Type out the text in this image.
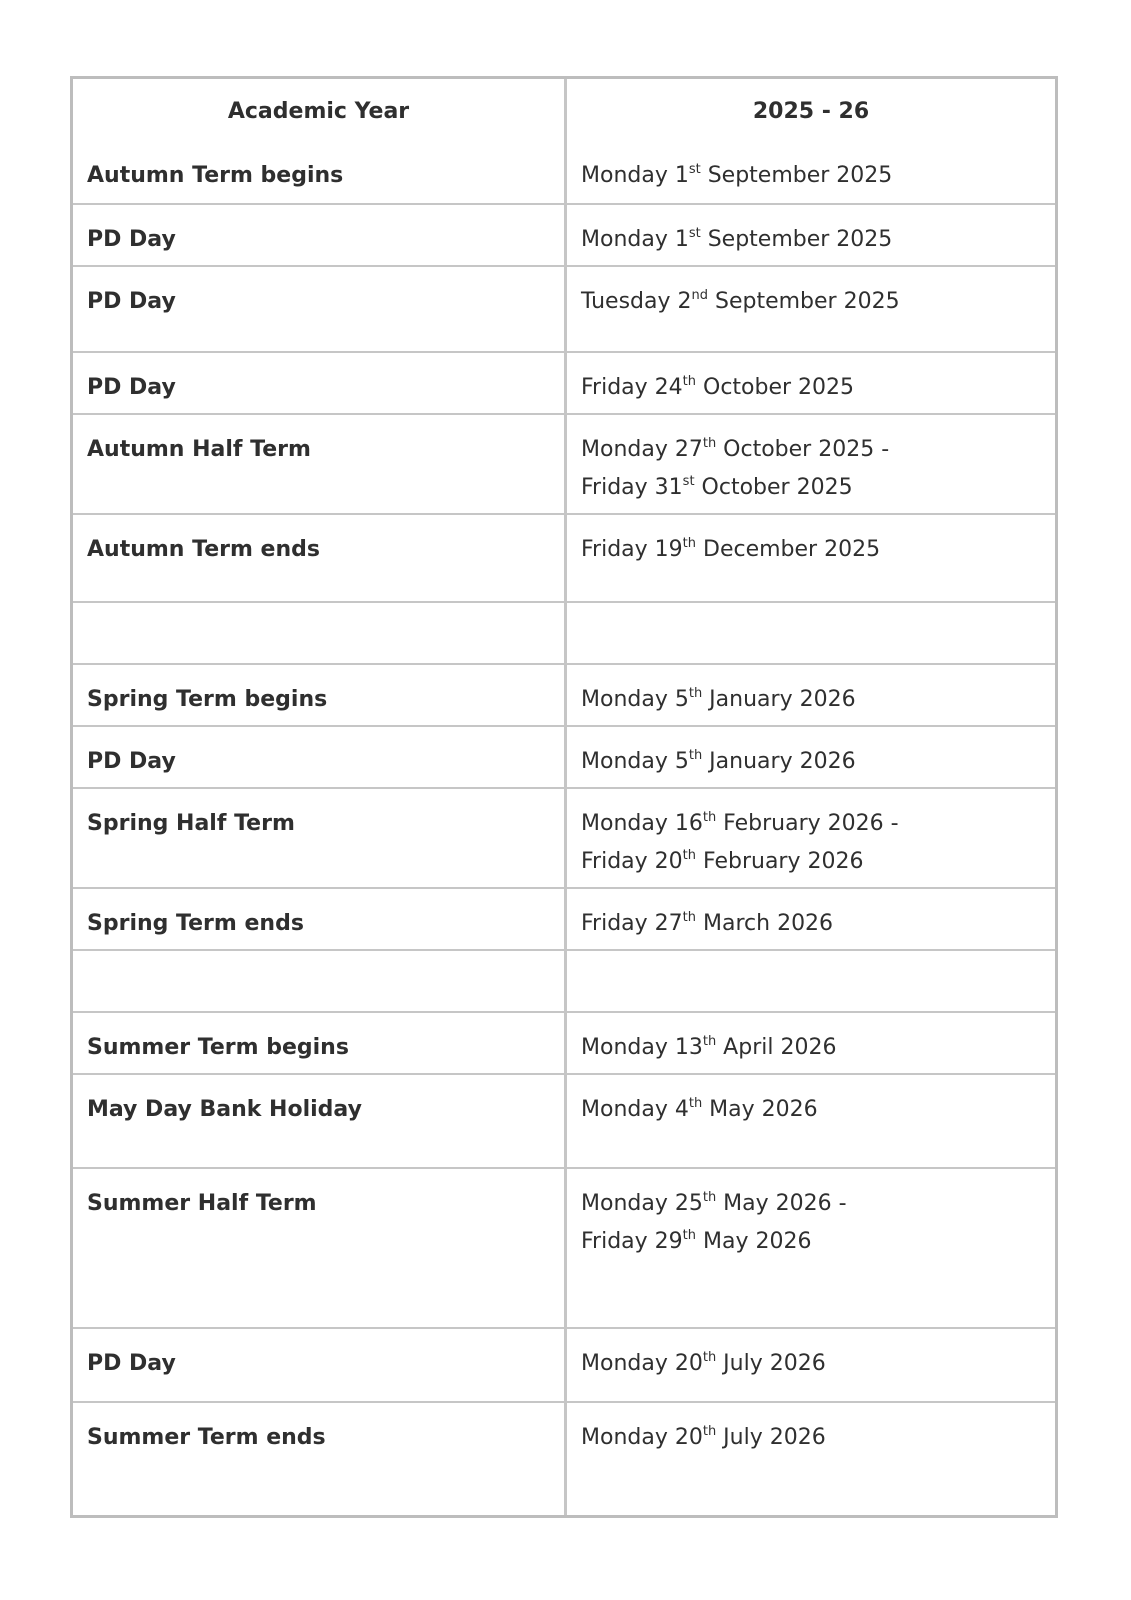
Academic Year	2025 - 26
Autumn Term begins	Monday 1st September 2025
PD Day	Monday 1st September 2025
PD Day	Tuesday 2nd September 2025
PD Day	Friday 24th October 2025
Autumn Half Term	Monday 27th October 2025 -
Friday 31st October 2025
Autumn Term ends	Friday 19th December 2025
Spring Term begins	Monday 5th January 2026
PD Day	Monday 5th January 2026
Spring Half Term	Monday 16th February 2026 -
Friday 20th February 2026
Spring Term ends	Friday 27th March 2026
Summer Term begins	Monday 13th April 2026
May Day Bank Holiday	Monday 4th May 2026
Summer Half Term	Monday 25th May 2026 -
Friday 29th May 2026
PD Day	Monday 20th July 2026
Summer Term ends	Monday 20th July 2026
